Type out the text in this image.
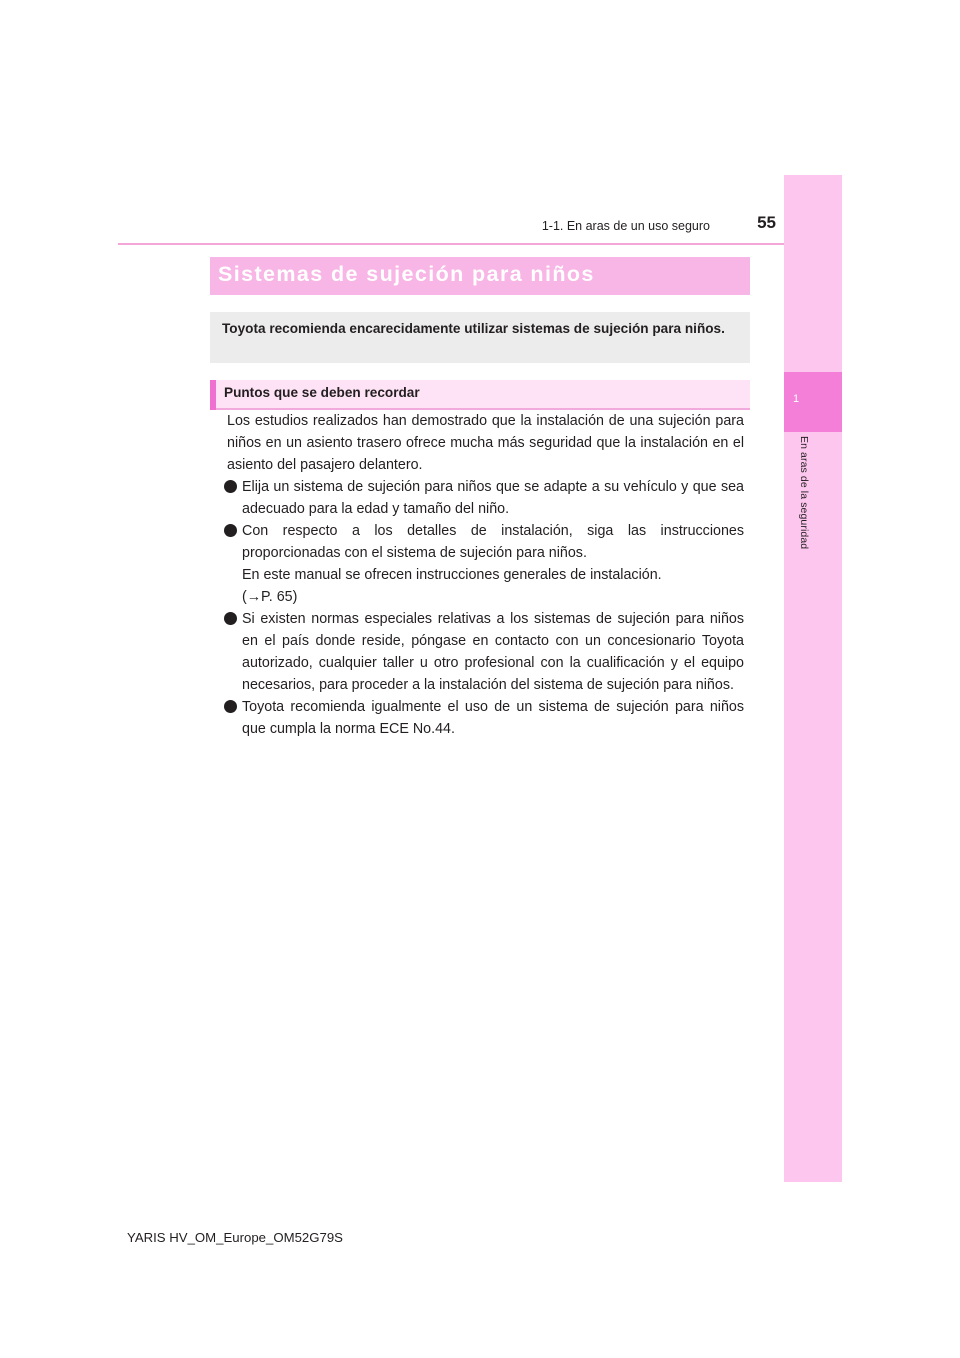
1-1. En aras de un uso seguro	55
1
En aras de la seguridad
Sistemas de sujeción para niños
Toyota recomienda encarecidamente utilizar sistemas de sujeción para niños.
Puntos que se deben recordar

Los estudios realizados han demostrado que la instalación de una sujeción para niños en un asiento trasero ofrece mucha más seguridad que la instalación en el asiento del pasajero delantero.

Elija un sistema de sujeción para niños que se adapte a su vehículo y que sea adecuado para la edad y tamaño del niño.
Con respecto a los detalles de instalación, siga las instrucciones proporcionadas con el sistema de sujeción para niños.
En este manual se ofrecen instrucciones generales de instalación.
(→P. 65)
Si existen normas especiales relativas a los sistemas de sujeción para niños en el país donde reside, póngase en contacto con un concesionario Toyota autorizado, cualquier taller u otro profesional con la cualificación y el equipo necesarios, para proceder a la instalación del sistema de sujeción para niños.
Toyota recomienda igualmente el uso de un sistema de sujeción para niños que cumpla la norma ECE No.44.
YARIS HV_OM_Europe_OM52G79S
